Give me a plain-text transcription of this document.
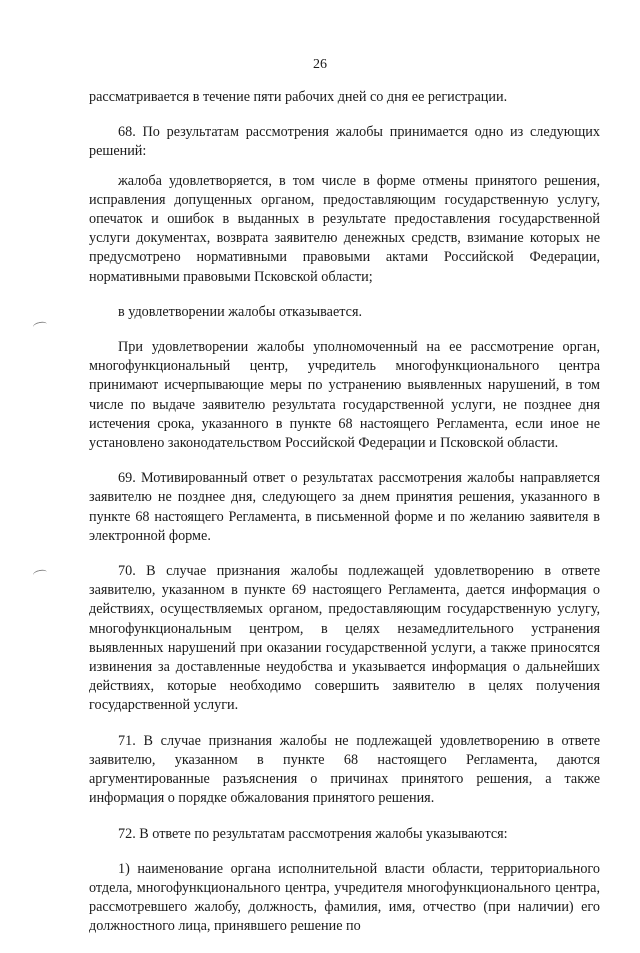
26

рассматривается в течение пяти рабочих дней со дня ее регистрации.

68. По результатам рассмотрения жалобы принимается одно из следующих решений:

жалоба удовлетворяется, в том числе в форме отмены принятого решения, исправления допущенных органом, предоставляющим государственную услугу, опечаток и ошибок в выданных в результате предоставления государственной услуги документах, возврата заявителю денежных средств, взимание которых не предусмотрено нормативными правовыми актами Российской Федерации, нормативными правовыми Псковской области;

в удовлетворении жалобы отказывается.

При удовлетворении жалобы уполномоченный на ее рассмотрение орган, многофункциональный центр, учредитель многофункционального центра принимают исчерпывающие меры по устранению выявленных нарушений, в том числе по выдаче заявителю результата государственной услуги, не позднее дня истечения срока, указанного в пункте 68 настоящего Регламента, если иное не установлено законодательством Российской Федерации и Псковской области.

69. Мотивированный ответ о результатах рассмотрения жалобы направляется заявителю не позднее дня, следующего за днем принятия решения, указанного в пункте 68 настоящего Регламента, в письменной форме и по желанию заявителя в электронной форме.

70. В случае признания жалобы подлежащей удовлетворению в ответе заявителю, указанном в пункте 69 настоящего Регламента, дается информация о действиях, осуществляемых органом, предоставляющим государственную услугу, многофункциональным центром, в целях незамедлительного устранения выявленных нарушений при оказании государственной услуги, а также приносятся извинения за доставленные неудобства и указывается информация о дальнейших действиях, которые необходимо совершить заявителю в целях получения государственной услуги.

71. В случае признания жалобы не подлежащей удовлетворению в ответе заявителю, указанном в пункте 68 настоящего Регламента, даются аргументированные разъяснения о причинах принятого решения, а также информация о порядке обжалования принятого решения.

72. В ответе по результатам рассмотрения жалобы указываются:

1) наименование органа исполнительной власти области, территориального отдела, многофункционального центра, учредителя многофункционального центра, рассмотревшего жалобу, должность, фамилия, имя, отчество (при наличии) его должностного лица, принявшего решение по
